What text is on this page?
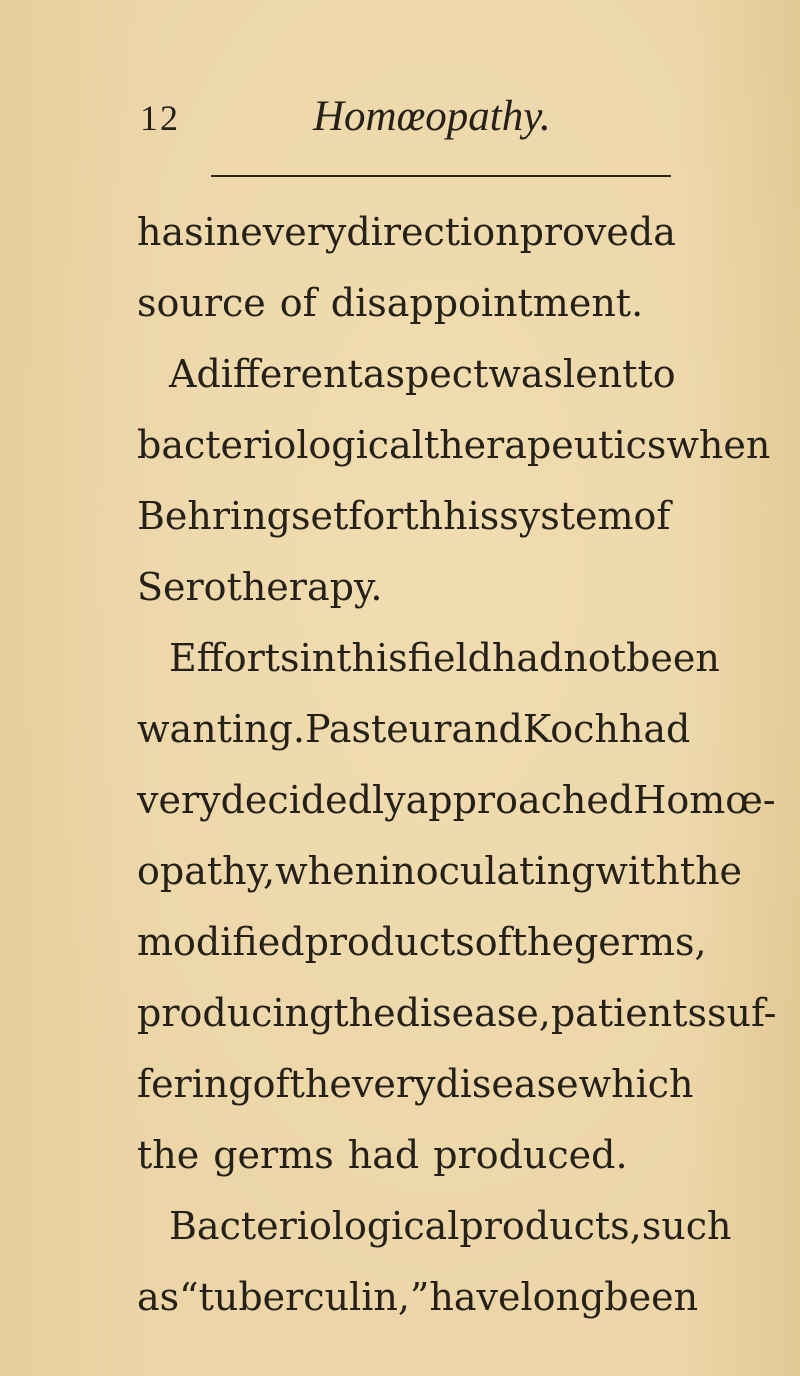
12	Homœopathy.
has in every direction proved a
source of disappointment.
A different aspect was lent to
bacteriological therapeutics when
Behring set forth his system of
Serotherapy.
Efforts in this field had not been
wanting. Pasteur and Koch had
very decidedly approached Homœ-
opathy, when inoculating with the
modified products of the germs,
producing the disease, patients suf-
fering of the very disease which
the germs had produced.
Bacteriological products, such
as “tuberculin,” have long been
